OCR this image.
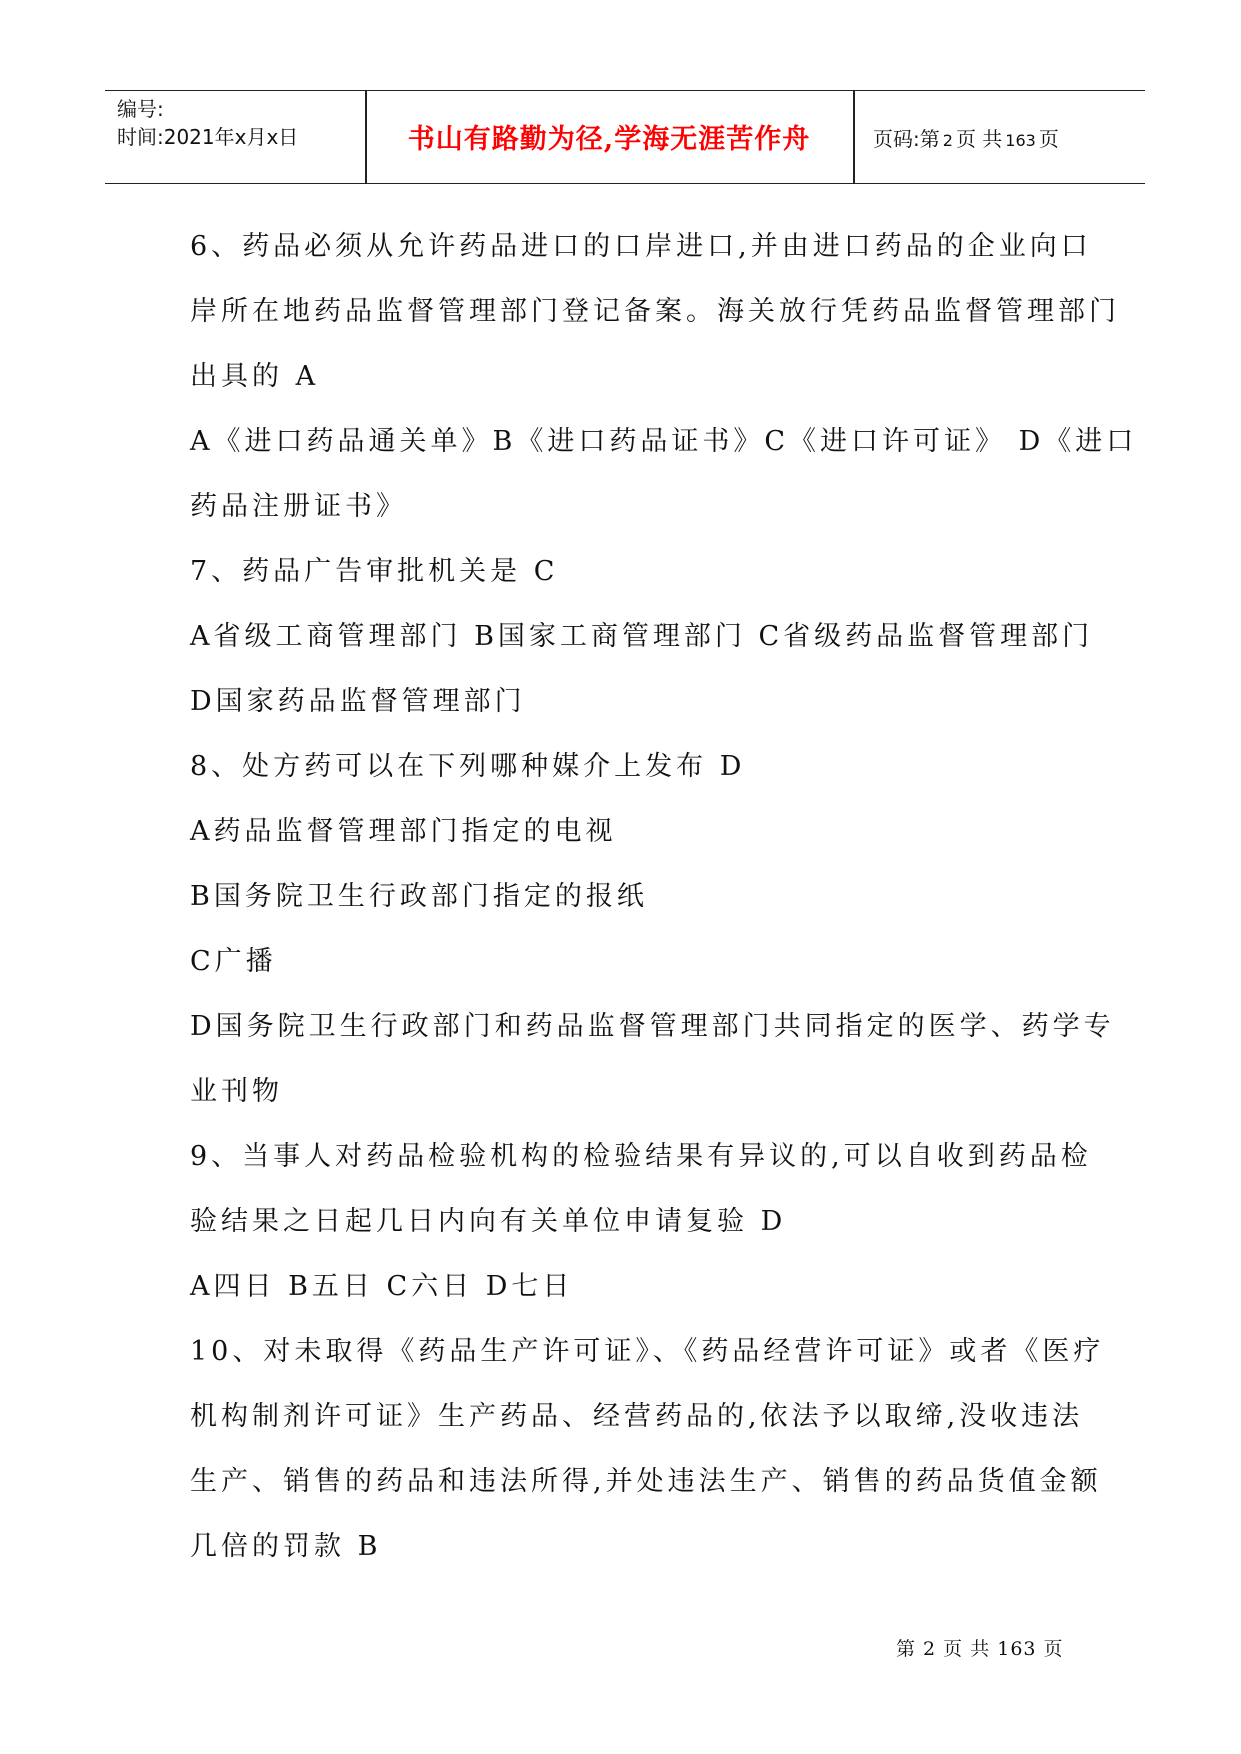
编号:
时间:2021年x月x日	书山有路勤为径,学海无涯苦作舟	页码:第 2 页 共 163 页

6、药品必须从允许药品进口的口岸进口,并由进口药品的企业向口

岸所在地药品监督管理部门登记备案。海关放行凭药品监督管理部门

出具的 A

A《进口药品通关单》B《进口药品证书》C《进口许可证》 D《进口

药品注册证书》

7、药品广告审批机关是 C

A省级工商管理部门 B国家工商管理部门 C省级药品监督管理部门

D国家药品监督管理部门

8、处方药可以在下列哪种媒介上发布 D

A药品监督管理部门指定的电视

B国务院卫生行政部门指定的报纸

C广播

D国务院卫生行政部门和药品监督管理部门共同指定的医学、药学专

业刊物

9、当事人对药品检验机构的检验结果有异议的,可以自收到药品检

验结果之日起几日内向有关单位申请复验 D

A四日 B五日 C六日 D七日

10、对未取得《药品生产许可证》、《药品经营许可证》或者《医疗

机构制剂许可证》生产药品、经营药品的,依法予以取缔,没收违法

生产、销售的药品和违法所得,并处违法生产、销售的药品货值金额

几倍的罚款 B

第 2 页 共 163 页
